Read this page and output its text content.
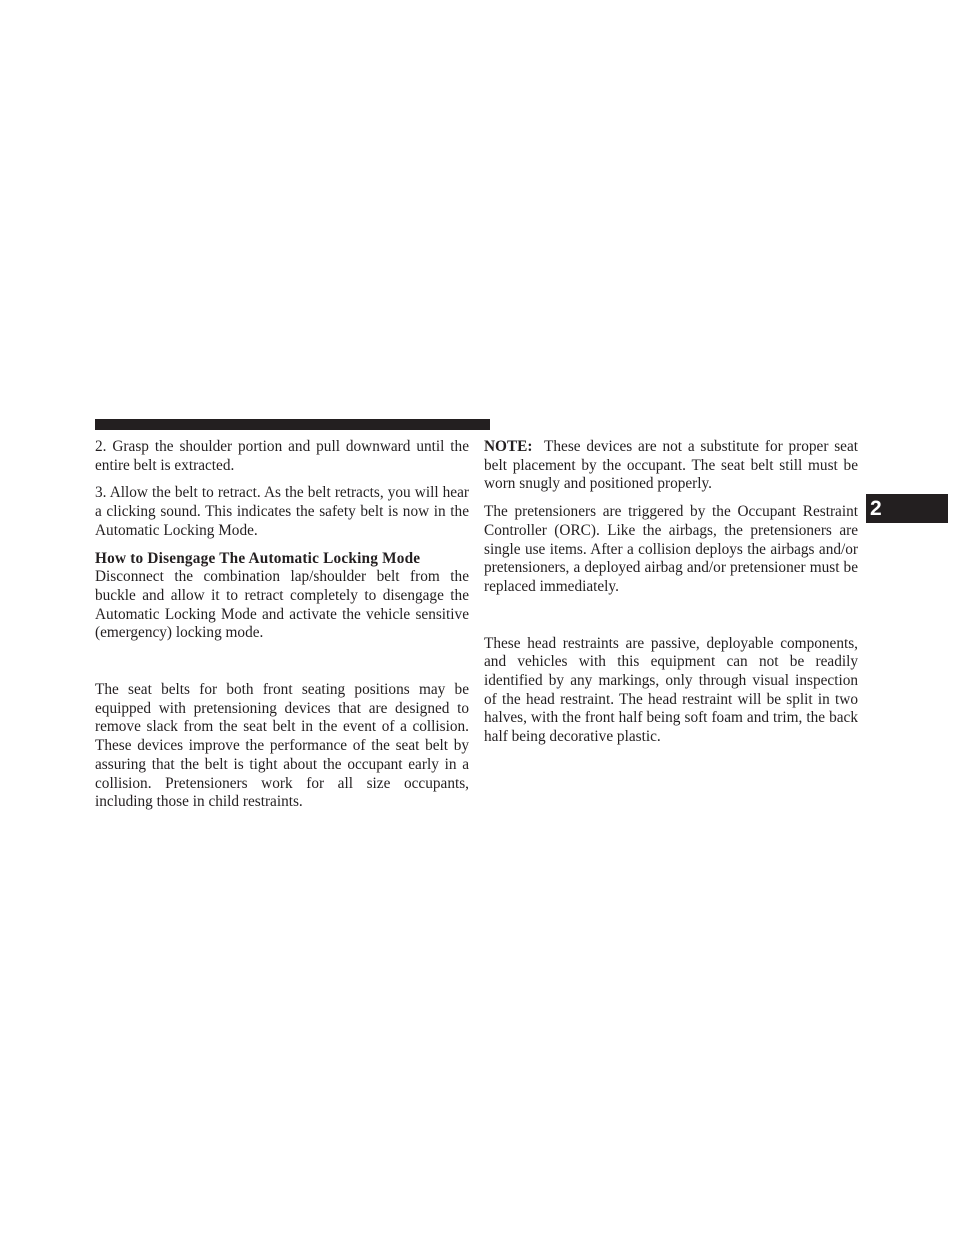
2

2. Grasp the shoulder portion and pull downward until the entire belt is extracted.

3. Allow the belt to retract. As the belt retracts, you will hear a clicking sound. This indicates the safety belt is now in the Automatic Locking Mode.

How to Disengage The Automatic Locking Mode

Disconnect the combination lap/shoulder belt from the buckle and allow it to retract completely to disengage the Automatic Locking Mode and activate the vehicle sensitive (emergency) locking mode.

The seat belts for both front seating positions may be equipped with pretensioning devices that are designed to remove slack from the seat belt in the event of a collision. These devices improve the performance of the seat belt by assuring that the belt is tight about the occupant early in a collision. Pretensioners work for all size occupants, including those in child restraints.

NOTE: These devices are not a substitute for proper seat belt placement by the occupant. The seat belt still must be worn snugly and positioned properly.

The pretensioners are triggered by the Occupant Restraint Controller (ORC). Like the airbags, the pretensioners are single use items. After a collision deploys the airbags and/or pretensioners, a deployed airbag and/or pretensioner must be replaced immediately.

These head restraints are passive, deployable components, and vehicles with this equipment can not be readily identified by any markings, only through visual inspection of the head restraint. The head restraint will be split in two halves, with the front half being soft foam and trim, the back half being decorative plastic.
